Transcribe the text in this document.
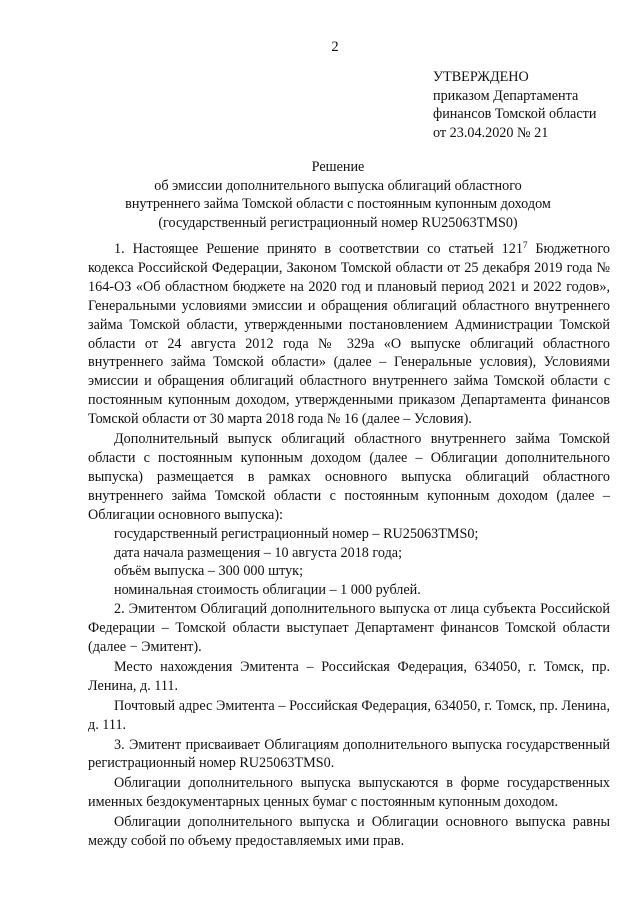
2
УТВЕРЖДЕНО
приказом Департамента
финансов Томской области
от 23.04.2020 № 21
Решение
об эмиссии дополнительного выпуска облигаций областного
внутреннего займа Томской области с постоянным купонным доходом
(государственный регистрационный номер RU25063TMS0)

1. Настоящее Решение принято в соответствии со статьей $121^7$ Бюджетного кодекса Российской Федерации, Законом Томской области от 25 декабря 2019 года № 164-ОЗ «Об областном бюджете на 2020 год и плановый период 2021 и 2022 годов», Генеральными условиями эмиссии и обращения облигаций областного внутреннего займа Томской области, утвержденными постановлением Администрации Томской области от 24 августа 2012 года № 329а «О выпуске облигаций областного внутреннего займа Томской области» (далее – Генеральные условия), Условиями эмиссии и обращения облигаций областного внутреннего займа Томской области с постоянным купонным доходом, утвержденными приказом Департамента финансов Томской области от 30 марта 2018 года № 16 (далее – Условия).

Дополнительный выпуск облигаций областного внутреннего займа Томской области с постоянным купонным доходом (далее – Облигации дополнительного выпуска) размещается в рамках основного выпуска облигаций областного внутреннего займа Томской области с постоянным купонным доходом (далее – Облигации основного выпуска):

государственный регистрационный номер – RU25063TMS0;

дата начала размещения – 10 августа 2018 года;

объём выпуска – 300 000 штук;

номинальная стоимость облигации – 1 000 рублей.

2. Эмитентом Облигаций дополнительного выпуска от лица субъекта Российской Федерации – Томской области выступает Департамент финансов Томской области (далее − Эмитент).

Место нахождения Эмитента – Российская Федерация, 634050, г. Томск, пр. Ленина, д. 111.

Почтовый адрес Эмитента – Российская Федерация, 634050, г. Томск, пр. Ленина, д. 111.

3. Эмитент присваивает Облигациям дополнительного выпуска государственный регистрационный номер RU25063TMS0.

Облигации дополнительного выпуска выпускаются в форме государственных именных бездокументарных ценных бумаг с постоянным купонным доходом.

Облигации дополнительного выпуска и Облигации основного выпуска равны между собой по объему предоставляемых ими прав.
